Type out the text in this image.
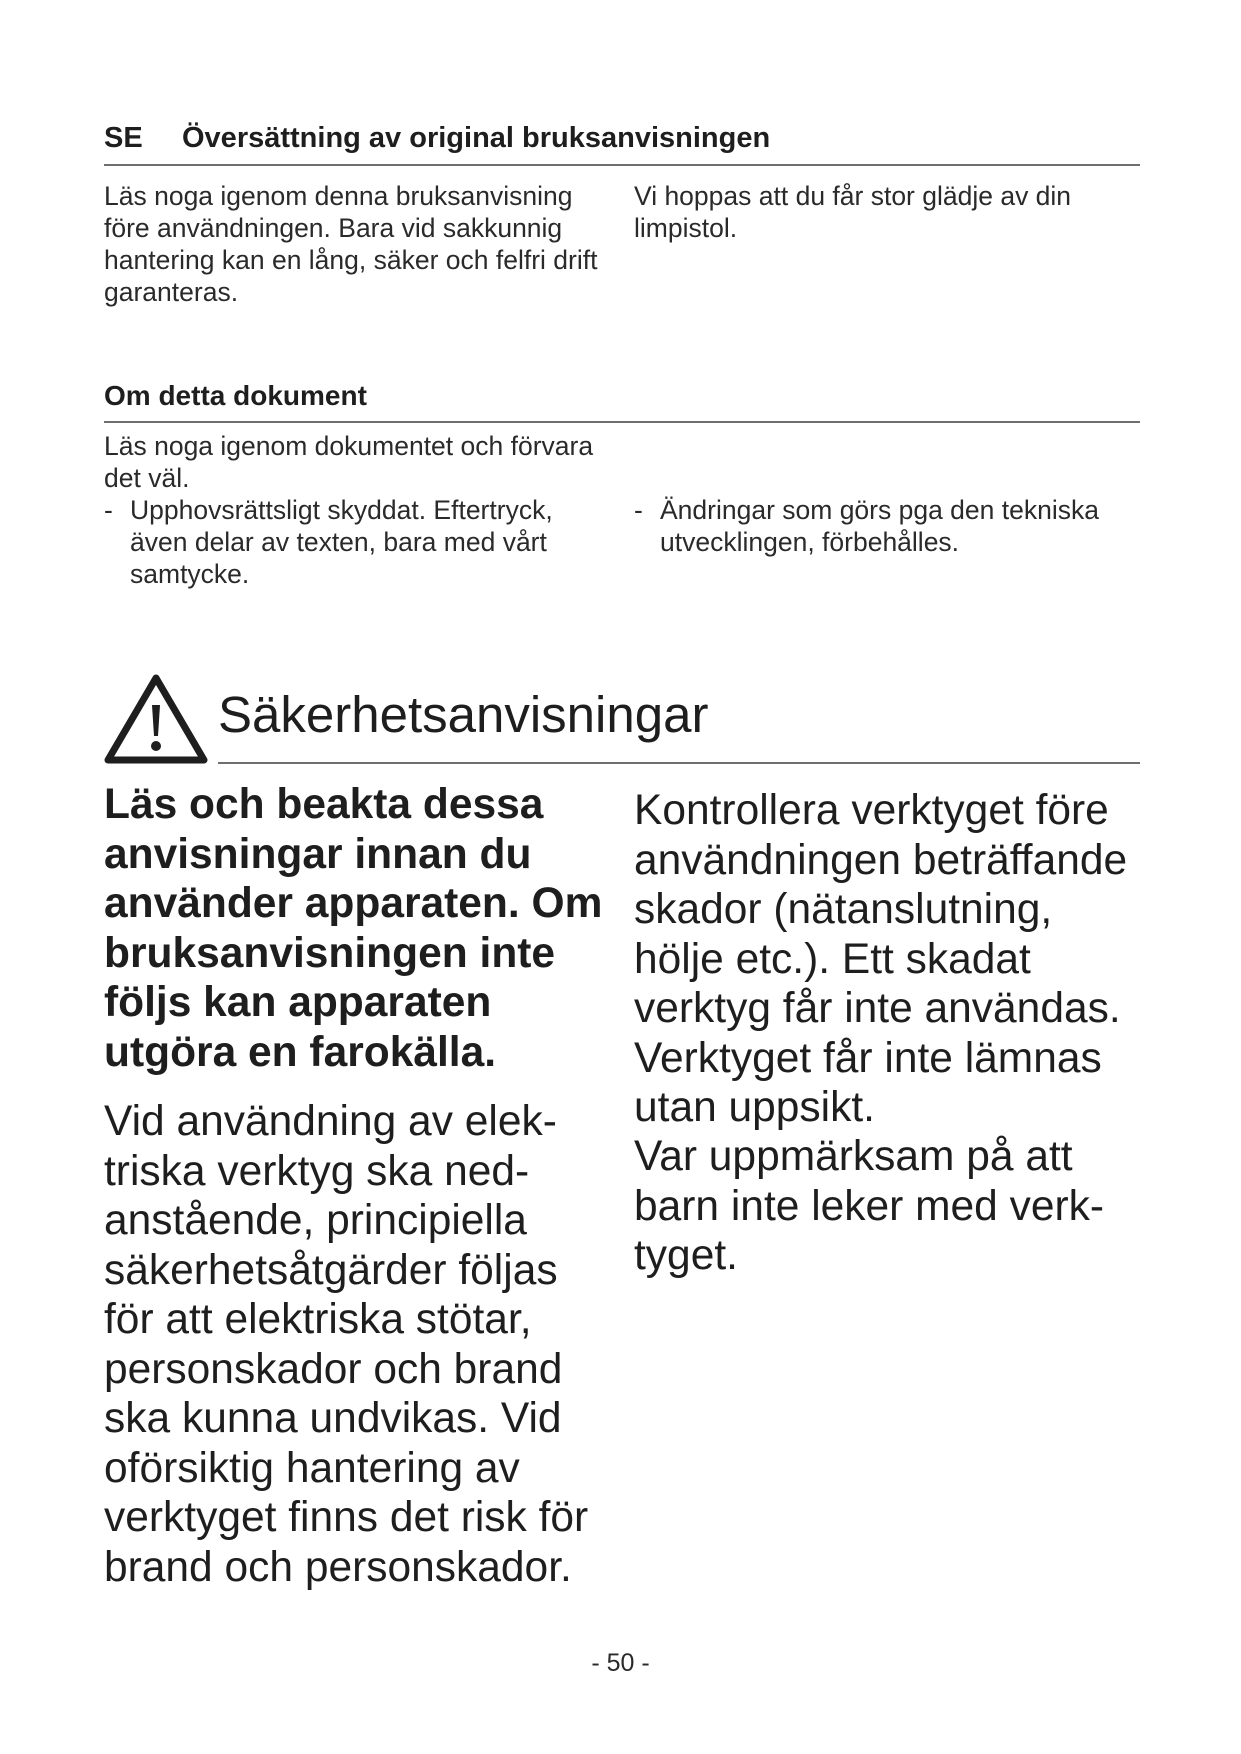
SE Översättning av original bruksanvisningen
Läs noga igenom denna bruksanvisning före användningen. Bara vid sakkunnig hantering kan en lång, säker och felfri drift garanteras.
Vi hoppas att du får stor glädje av din limpistol.
Om detta dokument
Läs noga igenom dokumentet och förvara det väl.
- Upphovsrättsligt skyddat. Eftertryck, även delar av texten, bara med vårt samtycke.
- Ändringar som görs pga den tekniska utvecklingen, förbehålles.
Säkerhetsanvisningar
Läs och beakta dessa anvisningar innan du använder apparaten. Om bruksanvisningen inte följs kan apparaten utgöra en farokälla.
Vid användning av elek-triska verktyg ska ned-anstående, principiella säkerhetsåtgärder följas för att elektriska stötar, personskador och brand ska kunna undvikas. Vid oförsiktig hantering av verktyget finns det risk för brand och personskador.
Kontrollera verktyget före användningen beträffande skador (nätanslutning, hölje etc.). Ett skadat verktyg får inte användas. Verktyget får inte lämnas utan uppsikt.
Var uppmärksam på att barn inte leker med verk-tyget.
- 50 -
